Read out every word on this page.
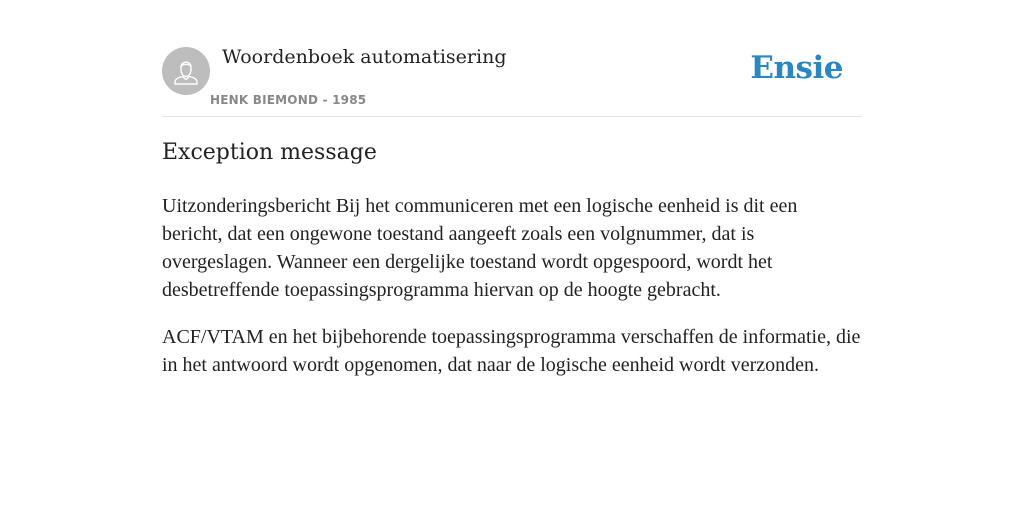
Woordenboek automatisering
HENK BIEMOND - 1985
Ensie
Exception message

Uitzonderingsbericht Bij het communiceren met een logische eenheid is dit een bericht, dat een ongewone toestand aangeeft zoals een volgnummer, dat is overgeslagen. Wanneer een dergelijke toestand wordt opgespoord, wordt het desbetreffende toepassingsprogramma hiervan op de hoogte gebracht.

ACF/VTAM en het bijbehorende toepassingsprogramma verschaffen de informatie, die in het antwoord wordt opgenomen, dat naar de logische eenheid wordt verzonden.
